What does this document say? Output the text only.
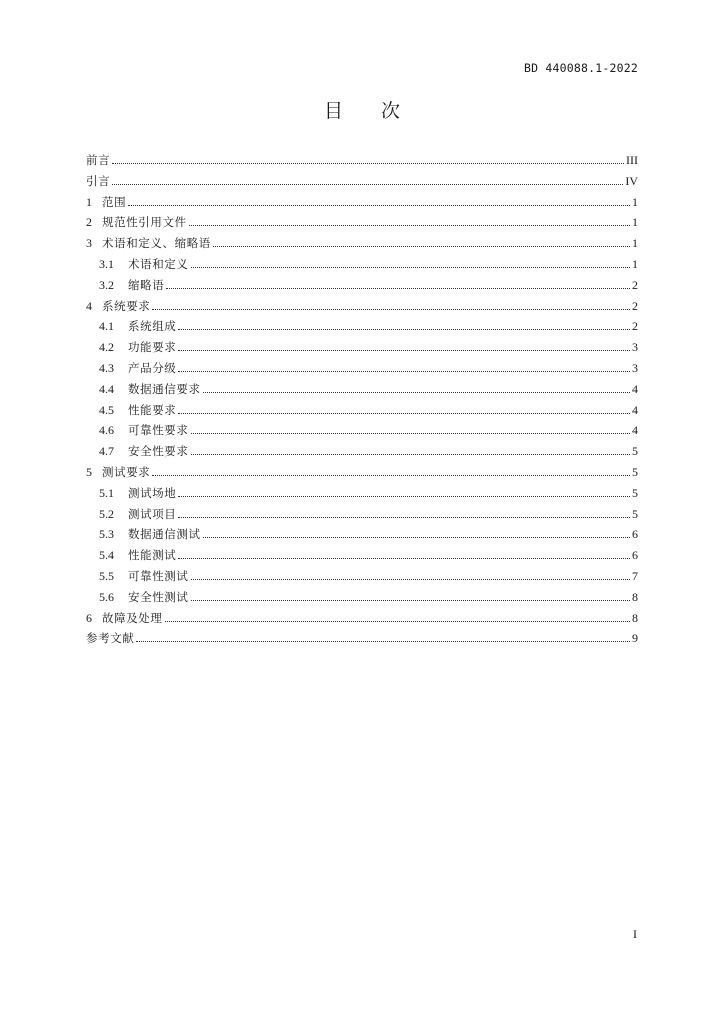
BD 440088.1-2022
目次
前言	III
引言	IV
1 范围	1
2 规范性引用文件	1
3 术语和定义、缩略语	1
3.1	术语和定义	1
3.2	缩略语	2
4 系统要求	2
4.1	系统组成	2
4.2	功能要求	3
4.3	产品分级	3
4.4	数据通信要求	4
4.5	性能要求	4
4.6	可靠性要求	4
4.7	安全性要求	5
5 测试要求	5
5.1	测试场地	5
5.2	测试项目	5
5.3	数据通信测试	6
5.4	性能测试	6
5.5	可靠性测试	7
5.6	安全性测试	8
6 故障及处理	8
参考文献	9
I
